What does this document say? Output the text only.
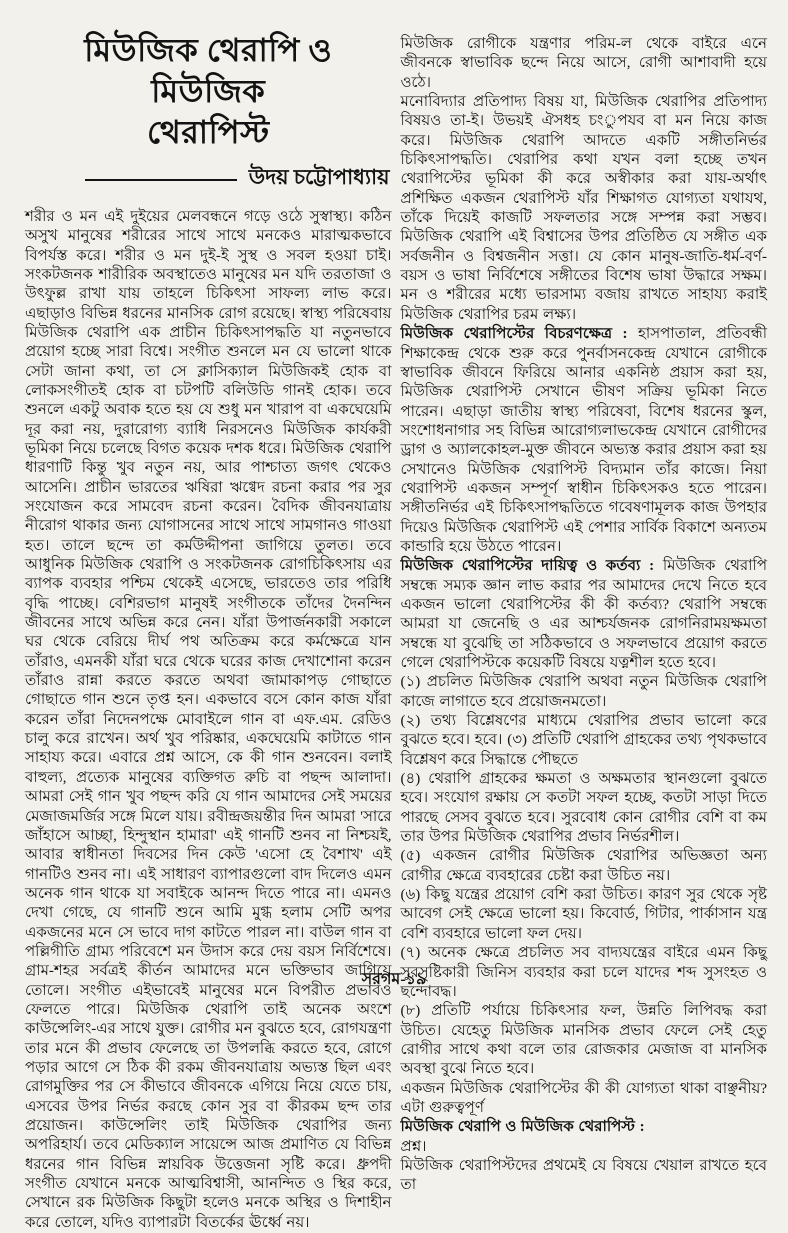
মিউজিক থেরাপি ও মিউজিক
থেরাপিস্ট
উদয় চট্টোপাধ্যায়

শরীর ও মন এই দুইয়ের মেলবন্ধনে গড়ে ওঠে সুস্বাস্থ্য। কঠিন অসুখ মানুষের শরীরের সাথে সাথে মনকেও মারাত্মকভাবে বিপর্যস্ত করে। শরীর ও মন দুই-ই সুস্থ ও সবল হওয়া চাই। সংকটজনক শারীরিক অবস্থাতেও মানুষের মন যদি তরতাজা ও উৎফুল্ল রাখা যায় তাহলে চিকিৎসা সাফল্য লাভ করে। এছাড়াও বিভিন্ন ধরনের মানসিক রোগ রয়েছে। স্বাস্থ্য পরিষেবায় মিউজিক থেরাপি এক প্রাচীন চিকিৎসাপদ্ধতি যা নতুনভাবে প্রয়োগ হচ্ছে সারা বিশ্বে। সংগীত শুনলে মন যে ভালো থাকে সেটা জানা কথা, তা সে ক্লাসিক্যাল মিউজিকই হোক বা লোকসংগীতই হোক বা চটপটি বলিউডি গানই হোক। তবে শুনলে একটু অবাক হতে হয় যে শুধু মন খারাপ বা একঘেয়েমি দূর করা নয়, দুরারোগ্য ব্যাধি নিরসনেও মিউজিক কার্যকরী ভূমিকা নিয়ে চলেছে বিগত কয়েক দশক ধরে। মিউজিক থেরাপি ধারণাটি কিন্তু খুব নতুন নয়, আর পাশ্চাত্য জগৎ থেকেও আসেনি। প্রাচীন ভারতের ঋষিরা ঋগ্বেদ রচনা করার পর সুর সংযোজন করে সামবেদ রচনা করেন। বৈদিক জীবনযাত্রায় নীরোগ থাকার জন্য যোগাসনের সাথে সাথে সামগানও গাওয়া হত। তালে ছন্দে তা কর্মউদ্দীপনা জাগিয়ে তুলত। তবে আধুনিক মিউজিক থেরাপি ও সংকটজনক রোগচিকিৎসায় এর ব্যাপক ব্যবহার পশ্চিম থেকেই এসেছে, ভারতেও তার পরিধি বৃদ্ধি পাচ্ছে। বেশিরভাগ মানুষই সংগীতকে তাঁদের দৈনন্দিন জীবনের সাথে অভিন্ন করে নেন। যাঁরা উপার্জনকারী সকালে ঘর থেকে বেরিয়ে দীর্ঘ পথ অতিক্রম করে কর্মক্ষেত্রে যান তাঁরাও, এমনকী যাঁরা ঘরে থেকে ঘরের কাজ দেখাশোনা করেন তাঁরাও রান্না করতে করতে অথবা জামাকাপড় গোছাতে গোছাতে গান শুনে তৃপ্ত হন। একভাবে বসে কোন কাজ যাঁরা করেন তাঁরা নিদেনপক্ষে মোবাইলে গান বা এফ.এম. রেডিও চালু করে রাখেন। অর্থ খুব পরিষ্কার, একঘেয়েমি কাটাতে গান সাহায্য করে। এবারে প্রশ্ন আসে, কে কী গান শুনবেন। বলাই বাহুল্য, প্রত্যেক মানুষের ব্যক্তিগত রুচি বা পছন্দ আলাদা। আমরা সেই গান খুব পছন্দ করি যে গান আমাদের সেই সময়ের মেজাজমর্জির সঙ্গে মিলে যায়। রবীন্দ্রজয়ন্তীর দিন আমরা 'সারে জাঁহাসে আচ্ছা, হিন্দুস্থান হামারা' এই গানটি শুনব না নিশ্চয়ই, আবার স্বাধীনতা দিবসের দিন কেউ 'এসো হে বৈশাখ' এই গানটিও শুনব না। এই সাধারণ ব্যাপারগুলো বাদ দিলেও এমন অনেক গান থাকে যা সবাইকে আনন্দ দিতে পারে না। এমনও দেখা গেছে, যে গানটি শুনে আমি মুগ্ধ হলাম সেটি অপর একজনের মনে সে ভাবে দাগ কাটতে পারল না। বাউল গান বা পল্লিগীতি গ্রাম্য পরিবেশে মন উদাস করে দেয় বয়স নির্বিশেষে। গ্রাম-শহর সর্বত্রই কীর্তন আমাদের মনে ভক্তিভাব জাগিয়ে তোলে। সংগীত এইভাবেই মানুষের মনে বিপরীত প্রভাবও ফেলতে পারে। মিউজিক থেরাপি তাই অনেক অংশে কাউন্সেলিং-এর সাথে যুক্ত। রোগীর মন বুঝতে হবে, রোগযন্ত্রণা তার মনে কী প্রভাব ফেলেছে তা উপলব্ধি করতে হবে, রোগে পড়ার আগে সে ঠিক কী রকম জীবনযাত্রায় অভ্যস্ত ছিল এবং রোগমুক্তির পর সে কীভাবে জীবনকে এগিয়ে নিয়ে যেতে চায়, এসবের উপর নির্ভর করছে কোন সুর বা কীরকম ছন্দ তার প্রয়োজন। কাউন্সেলিং তাই মিউজিক থেরাপির জন্য অপরিহার্য। তবে মেডিক্যাল সায়েন্সে আজ প্রমাণিত যে বিভিন্ন ধরনের গান বিভিন্ন স্নায়বিক উত্তেজনা সৃষ্টি করে। ধ্রুপদী সংগীত যেখানে মনকে আত্মবিশ্বাসী, আনন্দিত ও স্থির করে, সেখানে রক মিউজিক কিছুটা হলেও মনকে অস্থির ও দিশাহীন করে তোলে, যদিও ব্যাপারটা বিতর্কের ঊর্ধ্বে নয়।

মিউজিক রোগীকে যন্ত্রণার পরিম-ল থেকে বাইরে এনে জীবনকে স্বাভাবিক ছন্দে নিয়ে আসে, রোগী আশাবাদী হয়ে ওঠে।

মনোবিদ্যার প্রতিপাদ্য বিষয় যা, মিউজিক থেরাপির প্রতিপাদ্য বিষয়ও তা-ই। উভয়ই ঐসধহ চংুপযব বা মন নিয়ে কাজ করে। মিউজিক থেরাপি আদতে একটি সঙ্গীতনির্ভর চিকিৎসাপদ্ধতি। থেরাপির কথা যখন বলা হচ্ছে তখন থেরাপিস্টের ভূমিকা কী করে অস্বীকার করা যায়-অর্থাৎ প্রশিক্ষিত একজন থেরাপিস্ট যাঁর শিক্ষাগত যোগ্যতা যথাযথ, তাঁকে দিয়েই কাজটি সফলতার সঙ্গে সম্পন্ন করা সম্ভব। মিউজিক থেরাপি এই বিশ্বাসের উপর প্রতিষ্ঠিত যে সঙ্গীত এক সর্বজনীন ও বিশ্বজনীন সত্তা। যে কোন মানুষ-জাতি-ধর্ম-বর্ণ-বয়স ও ভাষা নির্বিশেষে সঙ্গীতের বিশেষ ভাষা উদ্ধারে সক্ষম। মন ও শরীরের মধ্যে ভারসাম্য বজায় রাখতে সাহায্য করাই মিউজিক থেরাপির চরম লক্ষ্য।

মিউজিক থেরাপিস্টের বিচরণক্ষেত্র : হাসপাতাল, প্রতিবন্ধী শিক্ষাকেন্দ্র থেকে শুরু করে পুনর্বাসনকেন্দ্র যেখানে রোগীকে স্বাভাবিক জীবনে ফিরিয়ে আনার একনিষ্ঠ প্রয়াস করা হয়, মিউজিক থেরাপিস্ট সেখানে ভীষণ সক্রিয় ভূমিকা নিতে পারেন। এছাড়া জাতীয় স্বাস্থ্য পরিষেবা, বিশেষ ধরনের স্কুল, সংশোধনাগার সহ বিভিন্ন আরোগ্যলাভকেন্দ্র যেখানে রোগীদের ড্রাগ ও অ্যালকোহল-মুক্ত জীবনে অভ্যস্ত করার প্রয়াস করা হয় সেখানেও মিউজিক থেরাপিস্ট বিদ্যমান তাঁর কাজে। নিয়া থেরাপিস্ট একজন সম্পূর্ণ স্বাধীন চিকিৎসকও হতে পারেন। সঙ্গীতনির্ভর এই চিকিৎসাপদ্ধতিতে গবেষণামূলক কাজ উপহার দিয়েও মিউজিক থেরাপিস্ট এই পেশার সার্বিক বিকাশে অন্যতম কান্ডারি হয়ে উঠতে পারেন।

মিউজিক থেরাপিস্টের দায়িত্ব ও কর্তব্য : মিউজিক থেরাপি সম্বন্ধে সম্যক জ্ঞান লাভ করার পর আমাদের দেখে নিতে হবে একজন ভালো থেরাপিস্টের কী কী কর্তব্য? থেরাপি সম্বন্ধে আমরা যা জেনেছি ও এর আশ্চর্যজনক রোগনিরাময়ক্ষমতা সম্বন্ধে যা বুঝেছি তা সঠিকভাবে ও সফলভাবে প্রয়োগ করতে গেলে থেরাপিস্টকে কয়েকটি বিষয়ে যত্নশীল হতে হবে।

(১) প্রচলিত মিউজিক থেরাপি অথবা নতুন মিউজিক থেরাপি কাজে লাগাতে হবে প্রয়োজনমতো।

(২) তথ্য বিশ্লেষণের মাধ্যমে থেরাপির প্রভাব ভালো করে বুঝতে হবে। হবে। (৩) প্রতিটি থেরাপি গ্রাহকের তথ্য পৃথকভাবে বিশ্লেষণ করে সিদ্ধান্তে পৌছতে

(৪) থেরাপি গ্রাহকের ক্ষমতা ও অক্ষমতার স্থানগুলো বুঝতে হবে। সংযোগ রক্ষায় সে কতটা সফল হচ্ছে, কতটা সাড়া দিতে পারছে সেসব বুঝতে হবে। সুরবোধ কোন রোগীর বেশি বা কম তার উপর মিউজিক থেরাপির প্রভাব নির্ভরশীল।

(৫) একজন রোগীর মিউজিক থেরাপির অভিজ্ঞতা অন্য রোগীর ক্ষেত্রে ব্যবহারের চেষ্টা করা উচিত নয়।

(৬) কিছু যন্ত্রের প্রয়োগ বেশি করা উচিত। কারণ সুর থেকে সৃষ্ট আবেগ সেই ক্ষেত্রে ভালো হয়। কিবোর্ড, গিটার, পার্কাসান যন্ত্র বেশি ব্যবহারে ভালো ফল দেয়।

(৭) অনেক ক্ষেত্রে প্রচলিত সব বাদ্যযন্ত্রের বাইরে এমন কিছু সুরসৃষ্টিকারী জিনিস ব্যবহার করা চলে যাদের শব্দ সুসংহত ও ছন্দোবদ্ধ।

(৮) প্রতিটি পর্যায়ে চিকিৎসার ফল, উন্নতি লিপিবদ্ধ করা উচিত। যেহেতু মিউজিক মানসিক প্রভাব ফেলে সেই হেতু রোগীর সাথে কথা বলে তার রোজকার মেজাজ বা মানসিক অবস্থা বুঝে নিতে হবে।

একজন মিউজিক থেরাপিস্টের কী কী যোগ্যতা থাকা বাঞ্ছনীয়? এটা গুরুত্বপূর্ণ

মিউজিক থেরাপি ও মিউজিক থেরাপিস্ট :

প্রশ্ন।

মিউজিক থেরাপিস্টদের প্রথমেই যে বিষয়ে খেয়াল রাখতে হবে তা

সরগম-১৯
